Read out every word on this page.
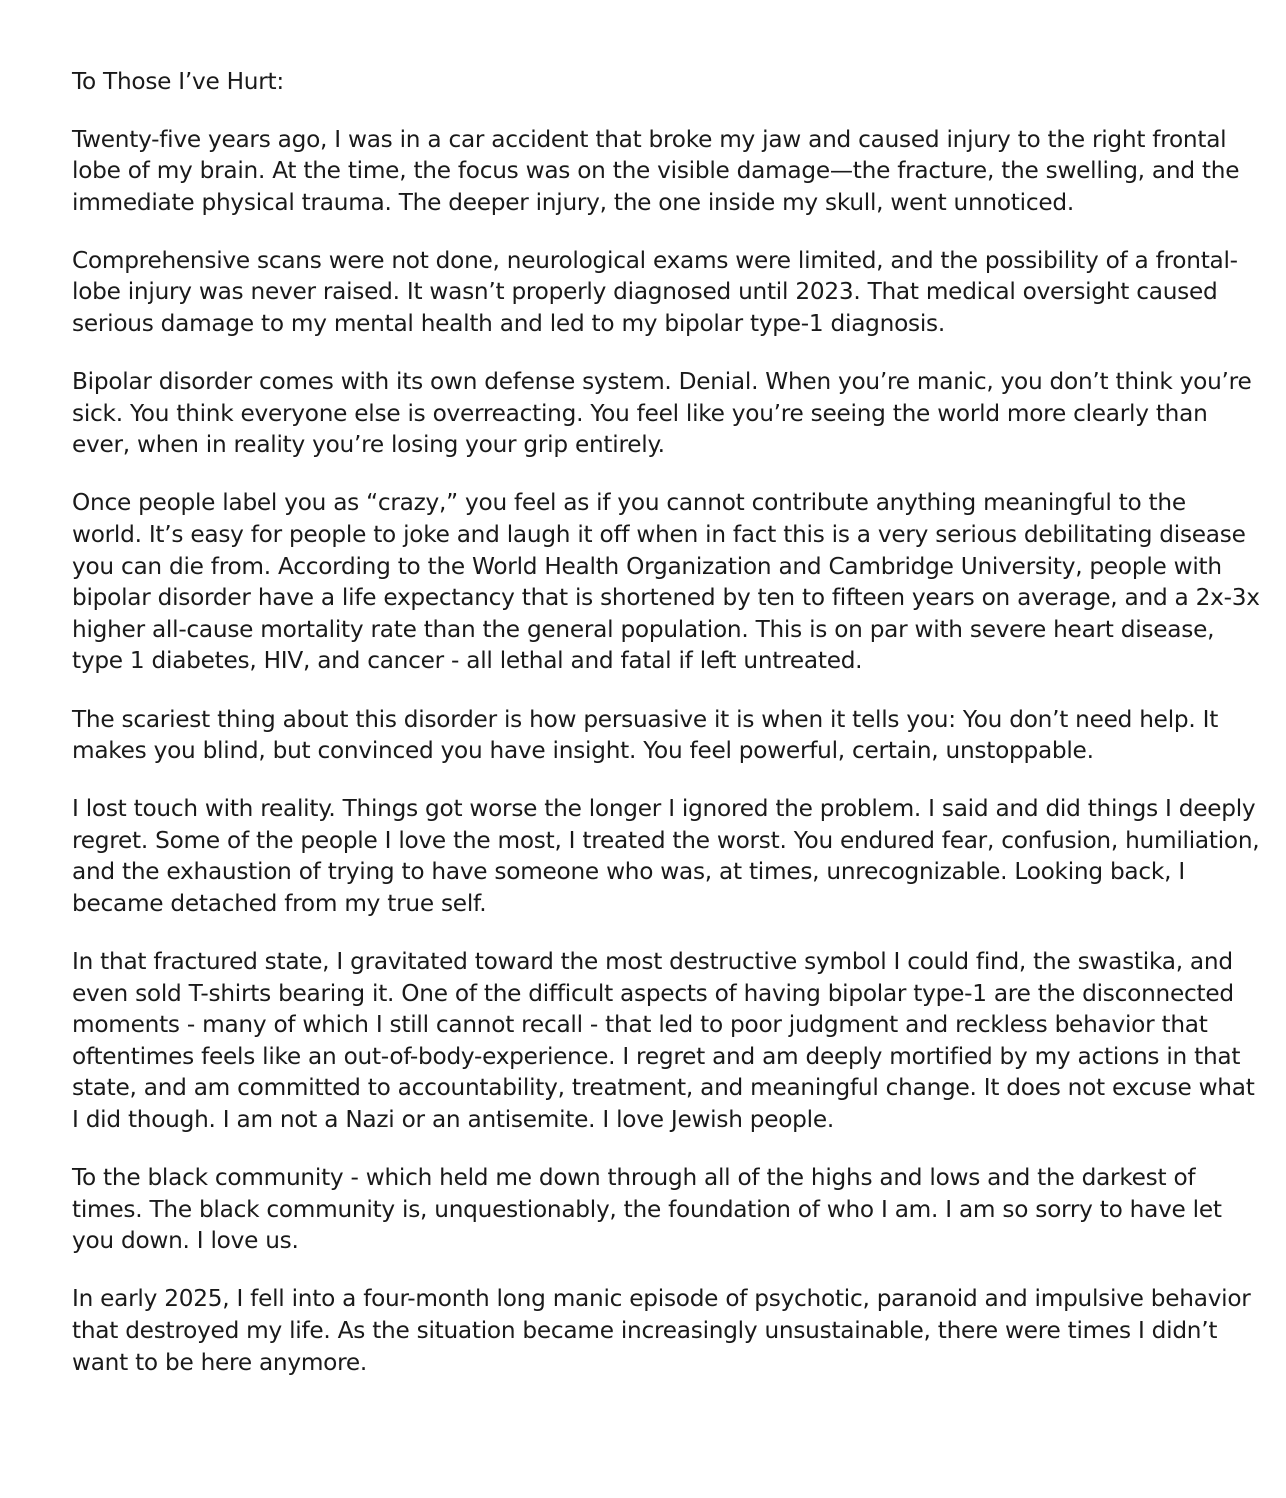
To Those I’ve Hurt:

Twenty-five years ago, I was in a car accident that broke my jaw and caused injury to the right frontal lobe of my brain. At the time, the focus was on the visible damage—the fracture, the swelling, and the immediate physical trauma. The deeper injury, the one inside my skull, went unnoticed.

Comprehensive scans were not done, neurological exams were limited, and the possibility of a frontal-lobe injury was never raised. It wasn’t properly diagnosed until 2023. That medical oversight caused serious damage to my mental health and led to my bipolar type-1 diagnosis.

Bipolar disorder comes with its own defense system. Denial. When you’re manic, you don’t think you’re sick. You think everyone else is overreacting. You feel like you’re seeing the world more clearly than ever, when in reality you’re losing your grip entirely.

Once people label you as “crazy,” you feel as if you cannot contribute anything meaningful to the world. It’s easy for people to joke and laugh it off when in fact this is a very serious debilitating disease you can die from. According to the World Health Organization and Cambridge University, people with bipolar disorder have a life expectancy that is shortened by ten to fifteen years on average, and a 2x-3x higher all-cause mortality rate than the general population. This is on par with severe heart disease, type 1 diabetes, HIV, and cancer - all lethal and fatal if left untreated.

The scariest thing about this disorder is how persuasive it is when it tells you: You don’t need help. It makes you blind, but convinced you have insight. You feel powerful, certain, unstoppable.

I lost touch with reality. Things got worse the longer I ignored the problem. I said and did things I deeply regret. Some of the people I love the most, I treated the worst. You endured fear, confusion, humiliation, and the exhaustion of trying to have someone who was, at times, unrecognizable. Looking back, I became detached from my true self.

In that fractured state, I gravitated toward the most destructive symbol I could find, the swastika, and even sold T-shirts bearing it. One of the difficult aspects of having bipolar type-1 are the disconnected moments - many of which I still cannot recall - that led to poor judgment and reckless behavior that oftentimes feels like an out-of-body-experience. I regret and am deeply mortified by my actions in that state, and am committed to accountability, treatment, and meaningful change. It does not excuse what I did though. I am not a Nazi or an antisemite. I love Jewish people.

To the black community - which held me down through all of the highs and lows and the darkest of times. The black community is, unquestionably, the foundation of who I am. I am so sorry to have let you down. I love us.

In early 2025, I fell into a four-month long manic episode of psychotic, paranoid and impulsive behavior that destroyed my life. As the situation became increasingly unsustainable, there were times I didn’t want to be here anymore.
